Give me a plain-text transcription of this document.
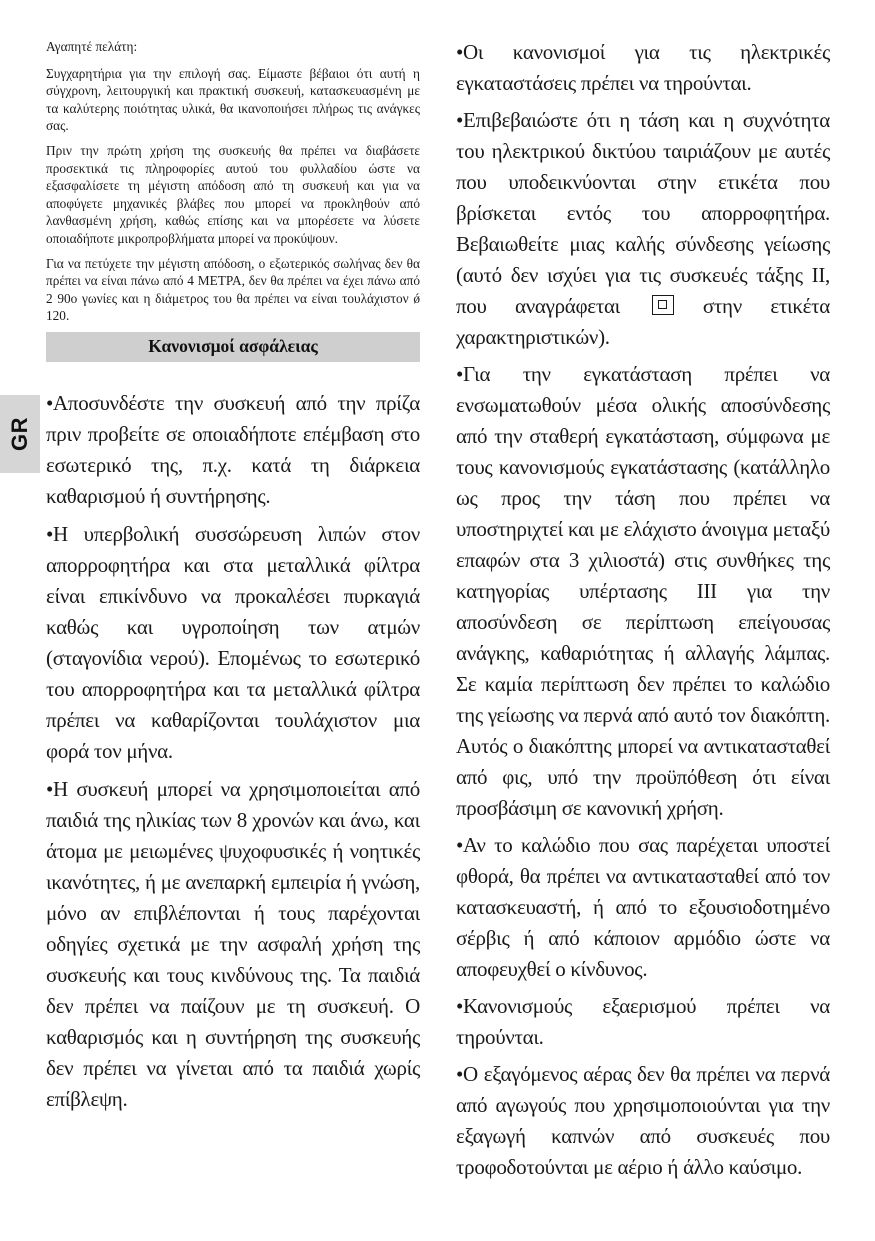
GR

Αγαπητέ πελάτη:

Συγχαρητήρια για την επιλογή σας. Είμαστε βέβαιοι ότι αυτή η σύγχρονη, λειτουργική και πρακτική συσκευή, κατασκευασμένη με τα καλύτερης ποιότητας υλικά, θα ικανοποιήσει πλήρως τις ανάγκες σας.

Πριν την πρώτη χρήση της συσκευής θα πρέπει να διαβάσετε προσεκτικά τις πληροφορίες αυτού του φυλλαδίου ώστε να εξασφαλίσετε τη μέγιστη απόδοση από τη συσκευή και για να αποφύγετε μηχανικές βλάβες που μπορεί να προκληθούν από λανθασμένη χρήση, καθώς επίσης και να μπορέσετε να λύσετε οποιαδήποτε μικροπροβλήματα μπορεί να προκύψουν.

Για να πετύχετε την μέγιστη απόδοση, ο εξωτερικός σωλήνας δεν θα πρέπει να είναι πάνω από 4 ΜΕΤΡΑ, δεν θα πρέπει να έχει πάνω από 2 90ο γωνίες και η διάμετρος του θα πρέπει να είναι τουλάχιστον ǿ 120.

Κανονισμοί ασφάλειας

•Αποσυνδέστε την συσκευή από την πρίζα πριν προβείτε σε οποιαδήποτε επέμβαση στο εσωτερικό της, π.χ. κατά τη διάρκεια καθαρισμού ή συντήρησης.

•Η υπερβολική συσσώρευση λιπών στον απορροφητήρα και στα μεταλλικά φίλτρα είναι επικίνδυνο να προκαλέσει πυρκαγιά καθώς και υγροποίηση των ατμών (σταγονίδια νερού). Επομένως το εσωτερικό του απορροφητήρα και τα μεταλλικά φίλτρα πρέπει να καθαρίζονται τουλάχιστον μια φορά τον μήνα.

•Η συσκευή μπορεί να χρησιμοποιείται από παιδιά της ηλικίας των 8 χρονών και άνω, και άτομα με μειωμένες ψυχοφυσικές ή νοητικές ικανότητες, ή με ανεπαρκή εμπειρία ή γνώση, μόνο αν επιβλέπονται ή τους παρέχονται οδηγίες σχετικά με την ασφαλή χρήση της συσκευής και τους κινδύνους της. Τα παιδιά δεν πρέπει να παίζουν με τη συσκευή. Ο καθαρισμός και η συντήρηση της συσκευής δεν πρέπει να γίνεται από τα παιδιά χωρίς επίβλεψη.

•Οι κανονισμοί για τις ηλεκτρικές εγκαταστάσεις πρέπει να τηρούνται.

•Επιβεβαιώστε ότι η τάση και η συχνότητα του ηλεκτρικού δικτύου ταιριάζουν με αυτές που υποδεικνύονται στην ετικέτα που βρίσκεται εντός του απορροφητήρα. Βεβαιωθείτε μιας καλής σύνδεσης γείωσης (αυτό δεν ισχύει για τις συσκευές τάξης II, που αναγράφεται	στην ετικέτα χαρακτηριστικών).

•Για την εγκατάσταση πρέπει να ενσωματωθούν μέσα ολικής αποσύνδεσης από την σταθερή εγκατάσταση, σύμφωνα με τους κανονισμούς εγκατάστασης (κατάλληλο ως προς την τάση που πρέπει να υποστηριχτεί και με ελάχιστο άνοιγμα μεταξύ επαφών στα 3 χιλιοστά) στις συνθήκες της κατηγορίας υπέρτασης III για την αποσύνδεση σε περίπτωση επείγουσας ανάγκης, καθαριότητας ή αλλαγής λάμπας. Σε καμία περίπτωση δεν πρέπει το καλώδιο της γείωσης να περνά από αυτό τον διακόπτη. Αυτός ο διακόπτης μπορεί να αντικατασταθεί από φις, υπό την προϋπόθεση ότι είναι προσβάσιμη σε κανονική χρήση.

•Αν το καλώδιο που σας παρέχεται υποστεί φθορά, θα πρέπει να αντικατασταθεί από τον κατασκευαστή, ή από το εξουσιοδοτημένο σέρβις ή από κάποιον αρμόδιο ώστε να αποφευχθεί ο κίνδυνος.

•Κανονισμούς εξαερισμού πρέπει να τηρούνται.

•Ο εξαγόμενος αέρας δεν θα πρέπει να περνά από αγωγούς που χρησιμοποιούνται για την εξαγωγή καπνών από συσκευές που τροφοδοτούνται με αέριο ή άλλο καύσιμο.
